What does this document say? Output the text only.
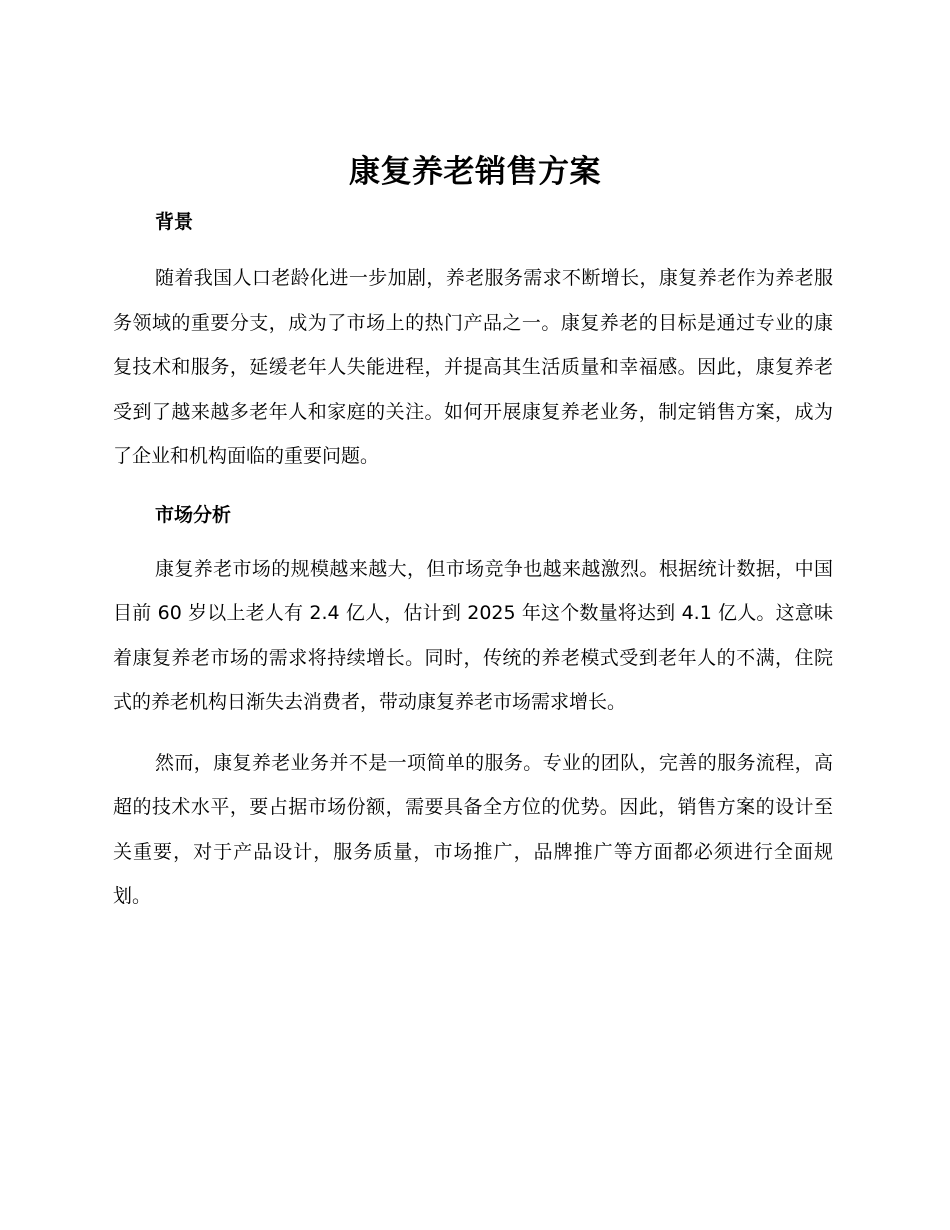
康复养老销售方案
背景

随着我国人口老龄化进一步加剧，养老服务需求不断增长，康复养老作为养老服务领域的重要分支，成为了市场上的热门产品之一。康复养老的目标是通过专业的康复技术和服务，延缓老年人失能进程，并提高其生活质量和幸福感。因此，康复养老受到了越来越多老年人和家庭的关注。如何开展康复养老业务，制定销售方案，成为了企业和机构面临的重要问题。

市场分析

康复养老市场的规模越来越大，但市场竞争也越来越激烈。根据统计数据，中国目前 60 岁以上老人有 2.4 亿人，估计到 2025 年这个数量将达到 4.1 亿人。这意味着康复养老市场的需求将持续增长。同时，传统的养老模式受到老年人的不满，住院式的养老机构日渐失去消费者，带动康复养老市场需求增长。

然而，康复养老业务并不是一项简单的服务。专业的团队，完善的服务流程，高超的技术水平，要占据市场份额，需要具备全方位的优势。因此，销售方案的设计至关重要，对于产品设计，服务质量，市场推广，品牌推广等方面都必须进行全面规划。
